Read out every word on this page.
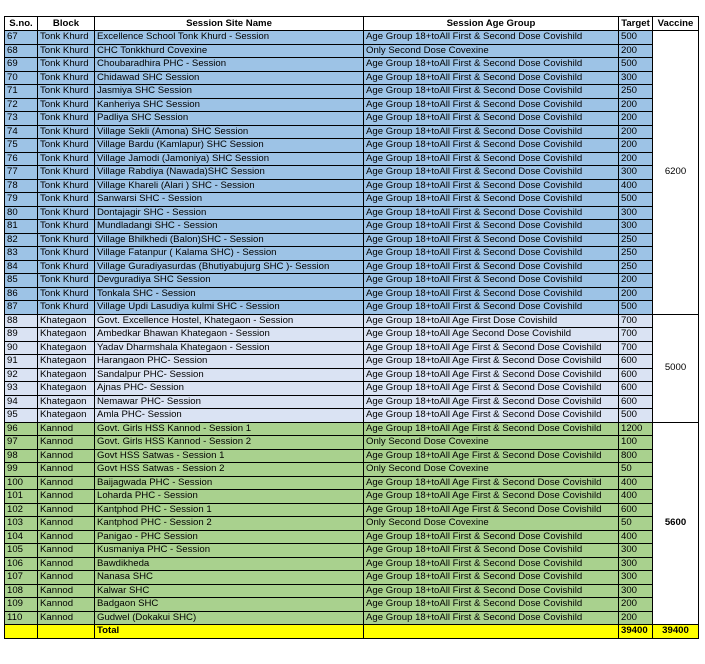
S.no.	Block	Session Site Name	Session Age Group	Target	Vaccine
67	Tonk Khurd	Excellence School Tonk Khurd - Session	Age Group 18+toAll First & Second Dose Covishild	500	6200
68	Tonk Khurd	CHC Tonkkhurd Covexine	Only Second Dose Covexine	200	
69	Tonk Khurd	Choubaradhira PHC - Session	Age Group 18+toAll First & Second Dose Covishild	500	
70	Tonk Khurd	Chidawad SHC Session	Age Group 18+toAll First & Second Dose Covishild	300	
71	Tonk Khurd	Jasmiya SHC Session	Age Group 18+toAll First & Second Dose Covishild	250	
72	Tonk Khurd	Kanheriya SHC Session	Age Group 18+toAll First & Second Dose Covishild	200	
73	Tonk Khurd	Padliya SHC Session	Age Group 18+toAll First & Second Dose Covishild	200	
74	Tonk Khurd	Village Sekli (Amona) SHC Session	Age Group 18+toAll First & Second Dose Covishild	200	
75	Tonk Khurd	Village Bardu (Kamlapur) SHC Session	Age Group 18+toAll First & Second Dose Covishild	200	
76	Tonk Khurd	Village Jamodi (Jamoniya) SHC Session	Age Group 18+toAll First & Second Dose Covishild	200	
77	Tonk Khurd	Village Rabdiya (Nawada)SHC Session	Age Group 18+toAll First & Second Dose Covishild	300	
78	Tonk Khurd	Village Khareli (Alari ) SHC - Session	Age Group 18+toAll First & Second Dose Covishild	400	
79	Tonk Khurd	Sanwarsi SHC - Session	Age Group 18+toAll First & Second Dose Covishild	500	
80	Tonk Khurd	Dontajagir SHC - Session	Age Group 18+toAll First & Second Dose Covishild	300	
81	Tonk Khurd	Mundladangi SHC - Session	Age Group 18+toAll First & Second Dose Covishild	300	
82	Tonk Khurd	Village Bhilkhedi (Balon)SHC - Session	Age Group 18+toAll First & Second Dose Covishild	250	
83	Tonk Khurd	Village Fatanpur ( Kalama SHC) - Session	Age Group 18+toAll First & Second Dose Covishild	250	
84	Tonk Khurd	Village Guradiyasurdas (Bhutiyabujurg SHC )- Session	Age Group 18+toAll First & Second Dose Covishild	250	
85	Tonk Khurd	Devguradiya SHC Session	Age Group 18+toAll First & Second Dose Covishild	200	
86	Tonk Khurd	Tonkala SHC - Session	Age Group 18+toAll First & Second Dose Covishild	200	
87	Tonk Khurd	Village Updi Lasudiya kulmi SHC - Session	Age Group 18+toAll First & Second Dose Covishild	500	
88	Khategaon	Govt. Excellence Hostel, Khategaon - Session	Age Group 18+toAll Age First Dose Covishild	700	5000
89	Khategaon	Ambedkar Bhawan Khategaon - Session	Age Group 18+toAll Age Second Dose Covishild	700	
90	Khategaon	Yadav Dharmshala Khategaon - Session	Age Group 18+toAll Age First & Second Dose Covishild	700	
91	Khategaon	Harangaon PHC- Session	Age Group 18+toAll Age First & Second Dose Covishild	600	
92	Khategaon	Sandalpur PHC- Session	Age Group 18+toAll Age First & Second Dose Covishild	600	
93	Khategaon	Ajnas PHC- Session	Age Group 18+toAll Age First & Second Dose Covishild	600	
94	Khategaon	Nemawar PHC- Session	Age Group 18+toAll Age First & Second Dose Covishild	600	
95	Khategaon	Amla PHC- Session	Age Group 18+toAll Age First & Second Dose Covishild	500	
96	Kannod	Govt. Girls HSS Kannod - Session 1	Age Group 18+toAll Age First & Second Dose Covishild	1200	5600
97	Kannod	Govt. Girls HSS Kannod - Session 2	Only Second Dose Covexine	100	
98	Kannod	Govt HSS Satwas - Session 1	Age Group 18+toAll Age First & Second Dose Covishild	800	
99	Kannod	Govt HSS Satwas - Session 2	Only Second Dose Covexine	50	
100	Kannod	Baijagwada PHC - Session	Age Group 18+toAll Age First & Second Dose Covishild	400	
101	Kannod	Loharda PHC - Session	Age Group 18+toAll Age First & Second Dose Covishild	400	
102	Kannod	Kantphod PHC - Session 1	Age Group 18+toAll Age First & Second Dose Covishild	600	
103	Kannod	Kantphod PHC - Session 2	Only Second Dose Covexine	50	
104	Kannod	Panigao - PHC Session	Age Group 18+toAll First & Second Dose Covishild	400	
105	Kannod	Kusmaniya PHC - Session	Age Group 18+toAll First & Second Dose Covishild	300	
106	Kannod	Bawdikheda	Age Group 18+toAll First & Second Dose Covishild	300	
107	Kannod	Nanasa SHC	Age Group 18+toAll First & Second Dose Covishild	300	
108	Kannod	Kalwar SHC	Age Group 18+toAll First & Second Dose Covishild	300	
109	Kannod	Badgaon SHC	Age Group 18+toAll First & Second Dose Covishild	200	
110	Kannod	Gudwel (Dokakui SHC)	Age Group 18+toAll First & Second Dose Covishild	200	
		Total		39400	39400
